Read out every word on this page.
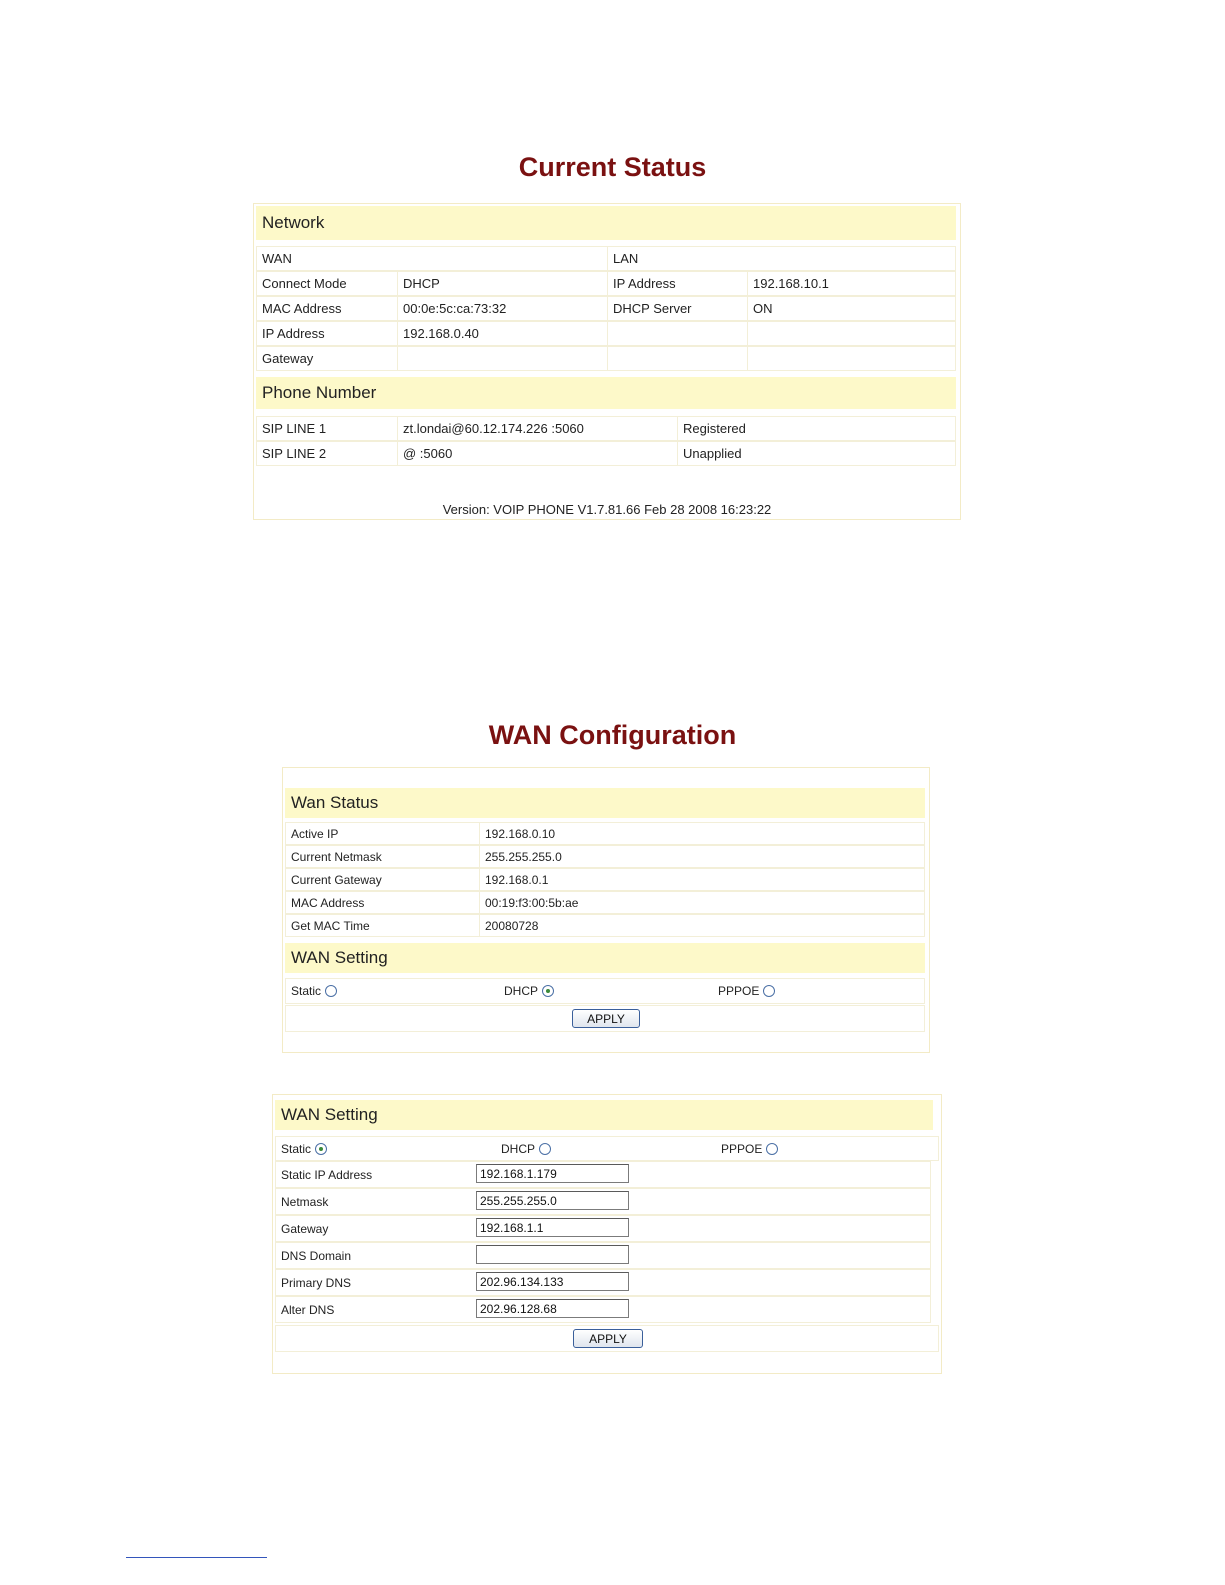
Current Status
Network
WAN	LAN
Connect Mode	DHCP	IP Address	192.168.10.1
MAC Address	00:0e:5c:ca:73:32	DHCP Server	ON
IP Address	192.168.0.40
Gateway
Phone Number
SIP LINE 1	zt.londai@60.12.174.226 :5060	Registered
SIP LINE 2	@ :5060	Unapplied
Version: VOIP PHONE V1.7.81.66 Feb 28 2008 16:23:22
WAN Configuration
Wan Status
Active IP	192.168.0.10
Current Netmask	255.255.255.0
Current Gateway	192.168.0.1
MAC Address	00:19:f3:00:5b:ae
Get MAC Time	20080728
WAN Setting
Static	DHCP	PPPOE
APPLY
WAN Setting
Static	DHCP	PPPOE
Static IP Address	192.168.1.179
Netmask	255.255.255.0
Gateway	192.168.1.1
DNS Domain
Primary DNS	202.96.134.133
Alter DNS	202.96.128.68
APPLY
